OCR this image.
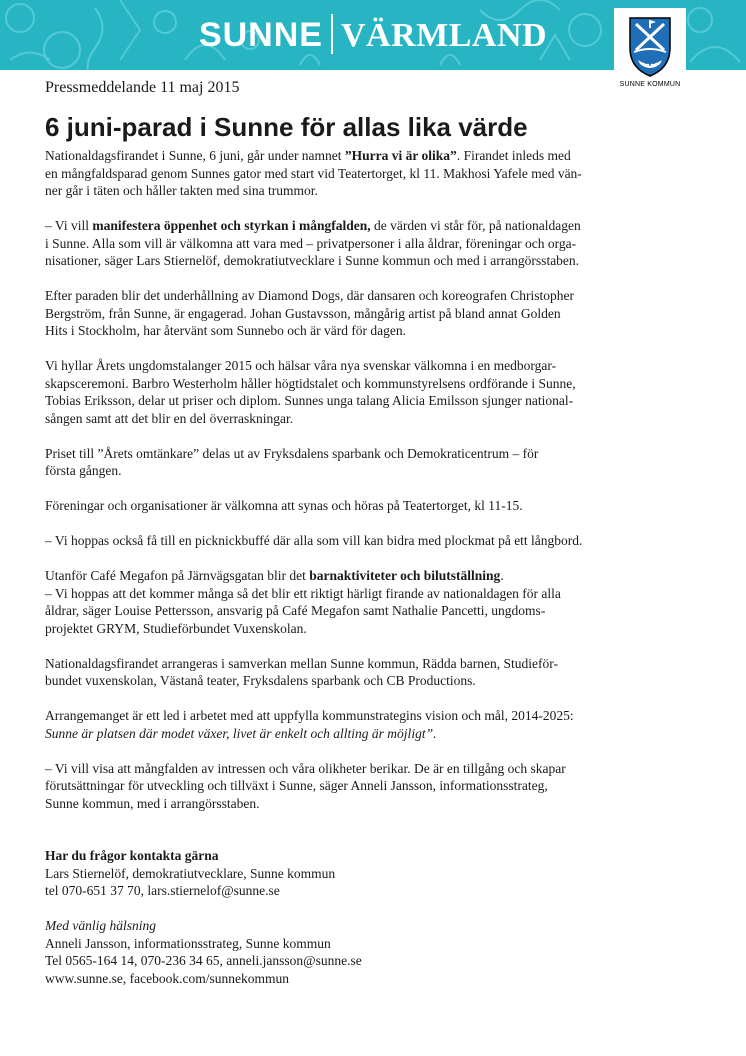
SUNNE VÄRMLAND
SUNNE KOMMUN
Pressmeddelande 11 maj 2015
6 juni-parad i Sunne för allas lika värde

Nationaldagsfirandet i Sunne, 6 juni, går under namnet ”Hurra vi är olika”. Firandet inleds med
en mångfaldsparad genom Sunnes gator med start vid Teatertorget, kl 11. Makhosi Yafele med vän-
ner går i täten och håller takten med sina trummor.

– Vi vill manifestera öppenhet och styrkan i mångfalden, de värden vi står för, på nationaldagen
i Sunne. Alla som vill är välkomna att vara med – privatpersoner i alla åldrar, föreningar och orga-
nisationer, säger Lars Stiernelöf, demokratiutvecklare i Sunne kommun och med i arrangörsstaben.

Efter paraden blir det underhållning av Diamond Dogs, där dansaren och koreografen Christopher
Bergström, från Sunne, är engagerad. Johan Gustavsson, mångårig artist på bland annat Golden
Hits i Stockholm, har återvänt som Sunnebo och är värd för dagen.

Vi hyllar Årets ungdomstalanger 2015 och hälsar våra nya svenskar välkomna i en medborgar-
skapsceremoni. Barbro Westerholm håller högtidstalet och kommunstyrelsens ordförande i Sunne,
Tobias Eriksson, delar ut priser och diplom. Sunnes unga talang Alicia Emilsson sjunger national-
sången samt att det blir en del överraskningar.

Priset till ”Årets omtänkare” delas ut av Fryksdalens sparbank och Demokraticentrum – för
första gången.

Föreningar och organisationer är välkomna att synas och höras på Teatertorget, kl 11-15.

– Vi hoppas också få till en picknickbuffé där alla som vill kan bidra med plockmat på ett långbord.

Utanför Café Megafon på Järnvägsgatan blir det barnaktiviteter och bilutställning.
– Vi hoppas att det kommer många så det blir ett riktigt härligt firande av nationaldagen för alla
åldrar, säger Louise Pettersson, ansvarig på Café Megafon samt Nathalie Pancetti, ungdoms-
projektet GRYM, Studieförbundet Vuxenskolan.

Nationaldagsfirandet arrangeras i samverkan mellan Sunne kommun, Rädda barnen, Studieför-
bundet vuxenskolan, Västanå teater, Fryksdalens sparbank och CB Productions.

Arrangemanget är ett led i arbetet med att uppfylla kommunstrategins vision och mål, 2014-2025:
Sunne är platsen där modet växer, livet är enkelt och allting är möjligt”.

– Vi vill visa att mångfalden av intressen och våra olikheter berikar. De är en tillgång och skapar
förutsättningar för utveckling och tillväxt i Sunne, säger Anneli Jansson, informationsstrateg,
Sunne kommun, med i arrangörsstaben.

Har du frågor kontakta gärna
Lars Stiernelöf, demokratiutvecklare, Sunne kommun
tel 070-651 37 70, lars.stiernelof@sunne.se

Med vänlig hälsning
Anneli Jansson, informationsstrateg, Sunne kommun
Tel 0565-164 14, 070-236 34 65, anneli.jansson@sunne.se
www.sunne.se, facebook.com/sunnekommun
